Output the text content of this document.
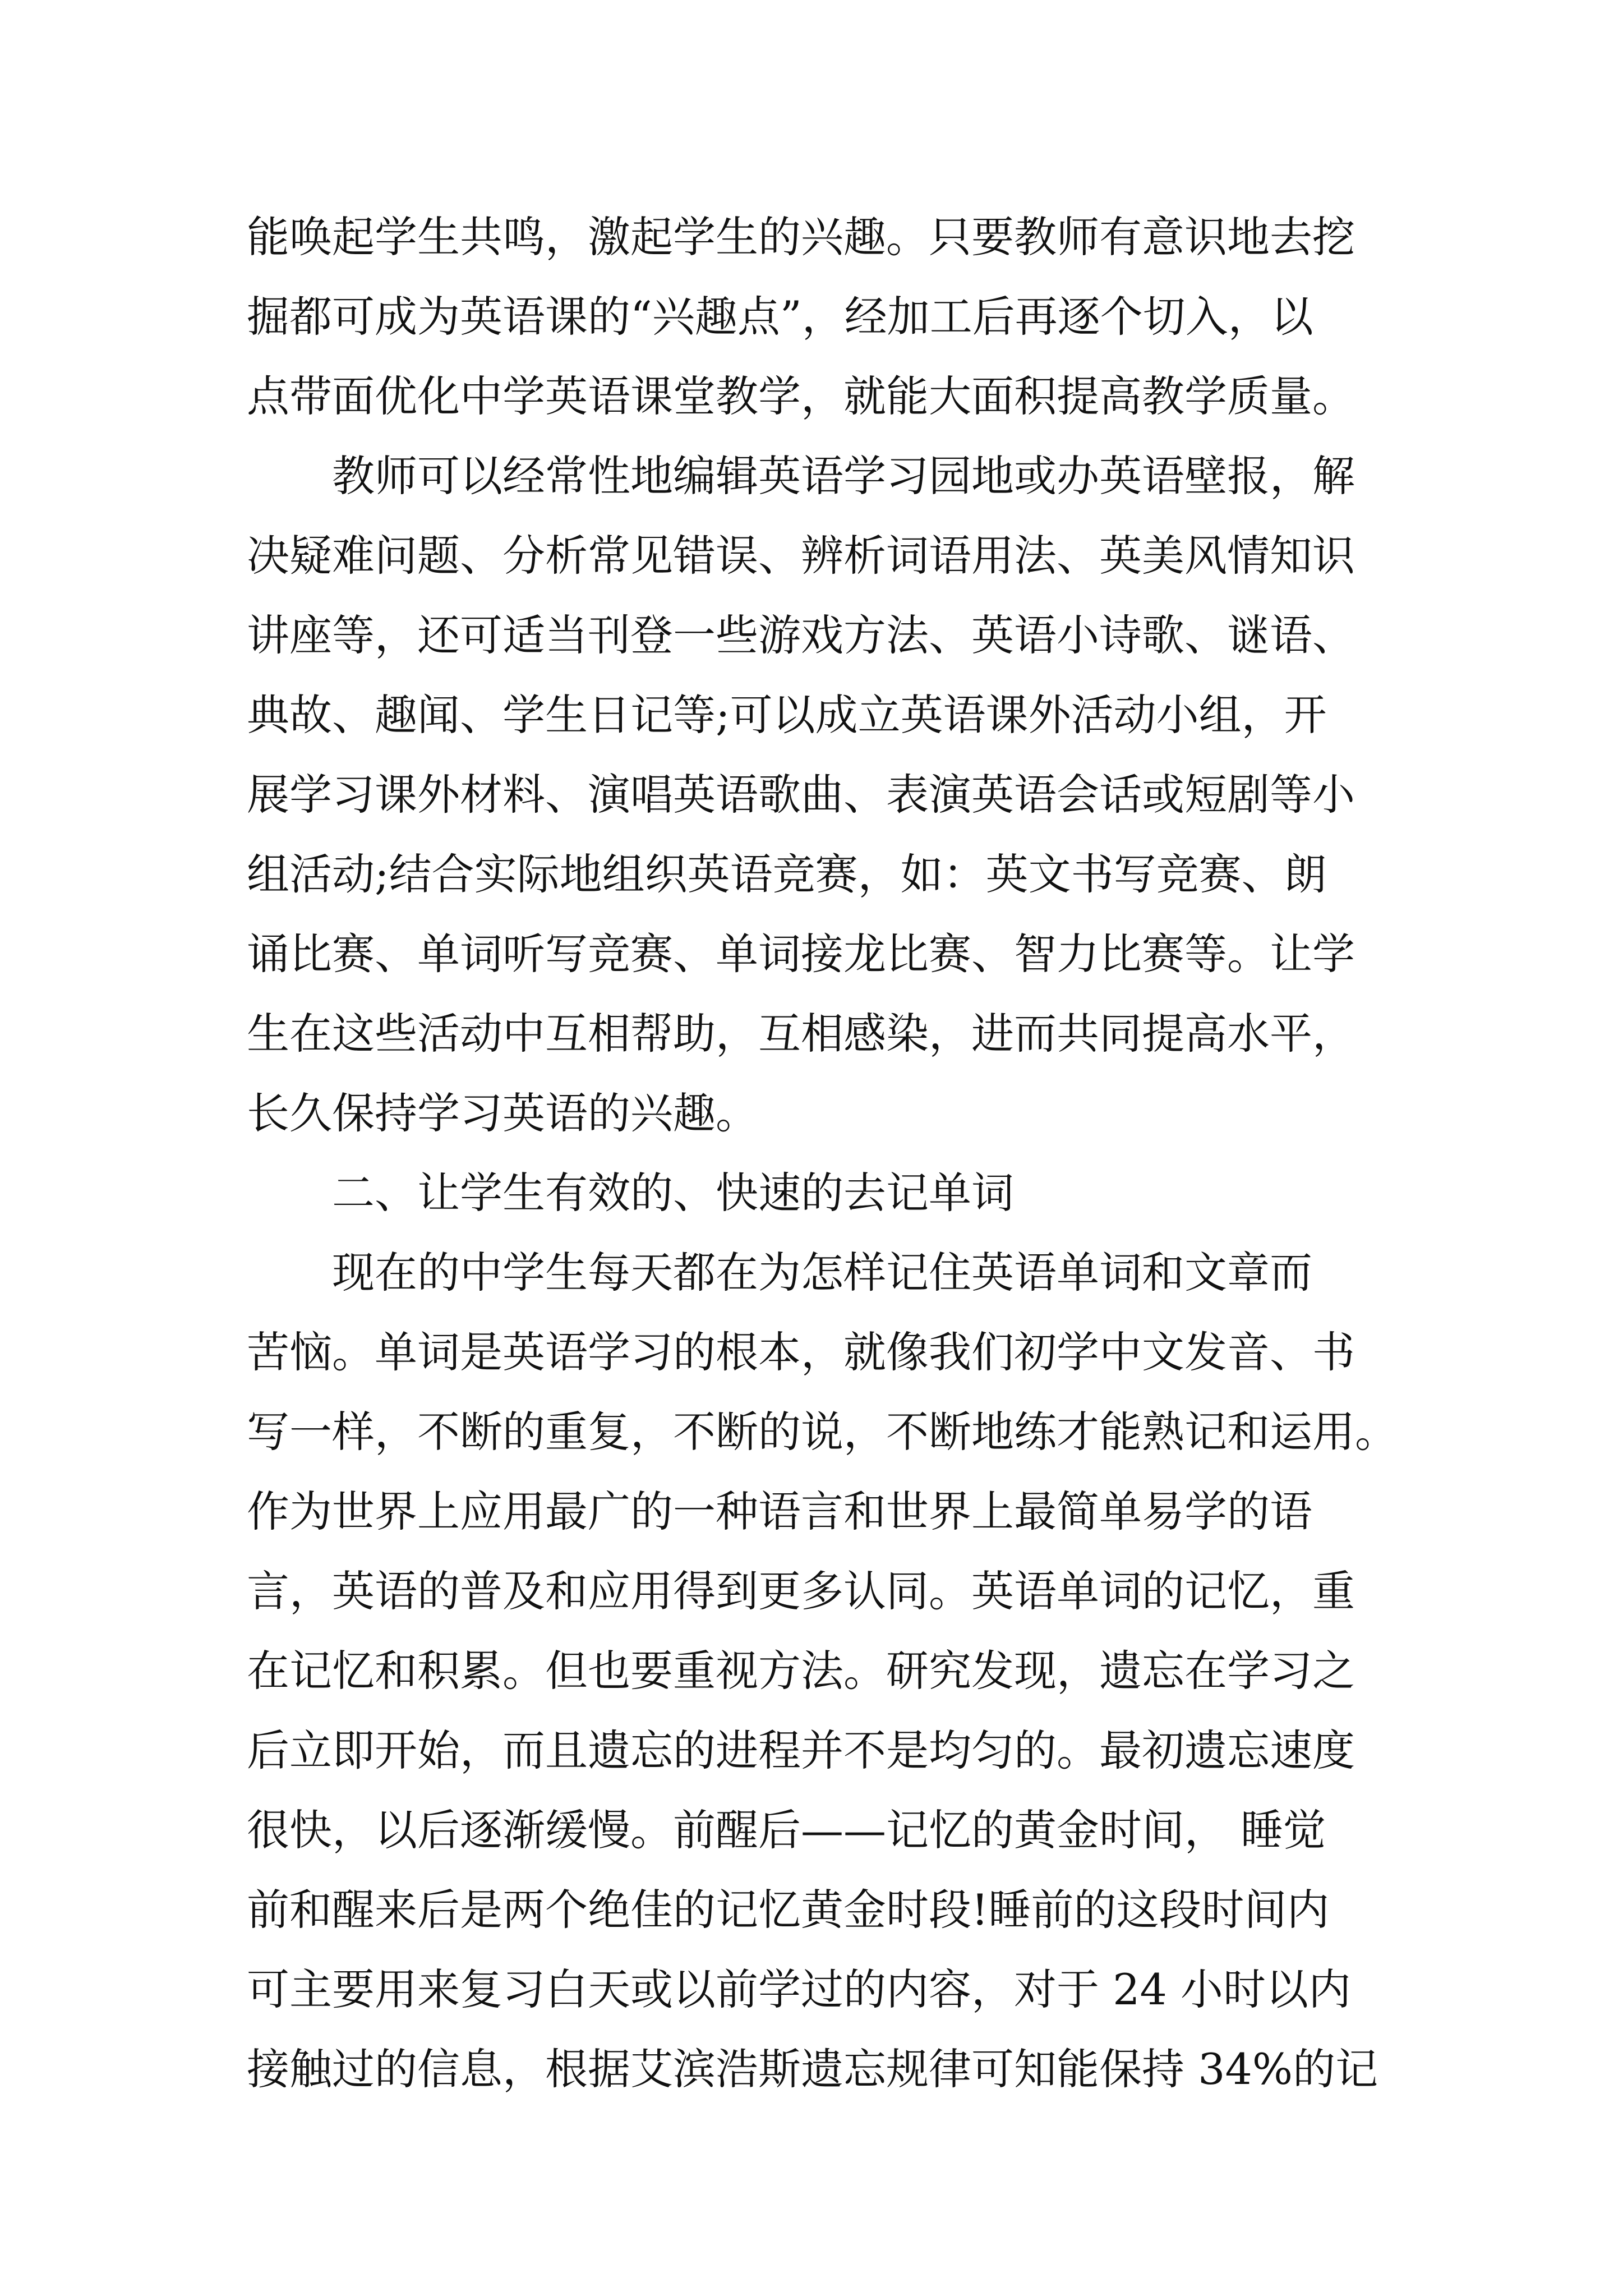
能唤起学生共鸣，激起学生的兴趣。只要教师有意识地去挖
掘都可成为英语课的“兴趣点”，经加工后再逐个切入，以
点带面优化中学英语课堂教学，就能大面积提高教学质量。
教师可以经常性地编辑英语学习园地或办英语壁报，解
决疑难问题、分析常见错误、辨析词语用法、英美风情知识
讲座等，还可适当刊登一些游戏方法、英语小诗歌、谜语、
典故、趣闻、学生日记等;可以成立英语课外活动小组，开
展学习课外材料、演唱英语歌曲、表演英语会话或短剧等小
组活动;结合实际地组织英语竞赛，如：英文书写竞赛、朗
诵比赛、单词听写竞赛、单词接龙比赛、智力比赛等。让学
生在这些活动中互相帮助，互相感染，进而共同提高水平，
长久保持学习英语的兴趣。
二、让学生有效的、快速的去记单词
现在的中学生每天都在为怎样记住英语单词和文章而
苦恼。单词是英语学习的根本，就像我们初学中文发音、书
写一样，不断的重复，不断的说，不断地练才能熟记和运用。
作为世界上应用最广的一种语言和世界上最简单易学的语
言，英语的普及和应用得到更多认同。英语单词的记忆，重
在记忆和积累。但也要重视方法。研究发现，遗忘在学习之
后立即开始，而且遗忘的进程并不是均匀的。最初遗忘速度
很快，以后逐渐缓慢。前醒后——记忆的黄金时间， 睡觉
前和醒来后是两个绝佳的记忆黄金时段!睡前的这段时间内
可主要用来复习白天或以前学过的内容，对于 24 小时以内
接触过的信息，根据艾滨浩斯遗忘规律可知能保持 34%的记
